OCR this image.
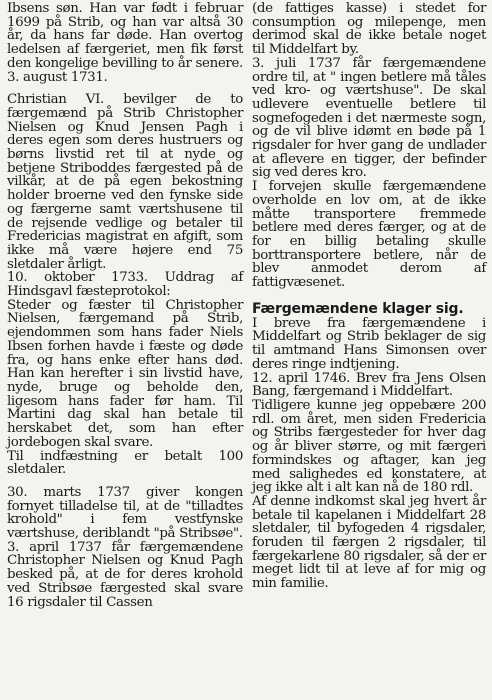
Ibsens søn. Han var født i februar 1699 på Strib, og han var altså 30 år, da hans far døde. Han overtog ledelsen af færgeriet, men fik først den kongelige bevilling to år senere.

3. august 1731.

Christian VI. bevilger de to færgemænd på Strib Christopher Nielsen og Knud Jensen Pagh i deres egen som deres hustruers og børns livstid ret til at nyde og betjene Striboddes færgested på de vilkår, at de på egen bekostning holder broerne ved den fynske side og færgerne samt værtshusene til de rejsende vedlige og betaler til Fredericias magistrat en afgift, som ikke må være højere end 75 sletdaler årligt.

10. oktober 1733. Uddrag af Hindsgavl fæsteprotokol:

Steder og fæster til Christopher Nielsen, færgemand på Strib, ejendommen som hans fader Niels Ibsen forhen havde i fæste og døde fra, og hans enke efter hans død. Han kan herefter i sin livstid have, nyde, bruge og beholde den, ligesom hans fader før ham. Til Martini dag skal han betale til herskabet det, som han efter jordebogen skal svare.

Til indfæstning er betalt 100 sletdaler.

30. marts 1737 giver kongen fornyet tilladelse til, at de "tilladtes krohold" i fem vestfynske værtshuse, deriblandt "på Stribsøe".

3. april 1737 får færgemændene Christopher Nielsen og Knud Pagh besked på, at de for deres krohold ved Stribsøe færgested skal svare 16 rigsdaler til Cassen

(de fattiges kasse) i stedet for consumption og milepenge, men derimod skal de ikke betale noget til Middelfart by.

3. juli 1737 får færgemændene ordre til, at " ingen betlere må tåles ved kro- og værtshuse". De skal udlevere eventuelle betlere til sognefogeden i det nærmeste sogn, og de vil blive idømt en bøde på 1 rigsdaler for hver gang de undlader at aflevere en tigger, der befinder sig ved deres kro.

I forvejen skulle færgemændene overholde en lov om, at de ikke måtte transportere fremmede betlere med deres færger, og at de for en billig betaling skulle borttransportere betlere, når de blev anmodet derom af fattigvæsenet.

Færgemændene klager sig.

I breve fra færgemændene i Middelfart og Strib beklager de sig til amtmand Hans Simonsen over deres ringe indtjening.

12. april 1746. Brev fra Jens Olsen Bang, færgemand i Middelfart.

Tidligere kunne jeg oppebære 200 rdl. om året, men siden Fredericia og Stribs færgesteder for hver dag og år bliver større, og mit færgeri formindskes og aftager, kan jeg med salighedes ed konstatere, at jeg ikke alt i alt kan nå de 180 rdl.

Af denne indkomst skal jeg hvert år betale til kapelanen i Middelfart 28 sletdaler, til byfogeden 4 rigsdaler, foruden til færgen 2 rigsdaler, til færgekarlene 80 rigsdaler, så der er meget lidt til at leve af for mig og min familie.
